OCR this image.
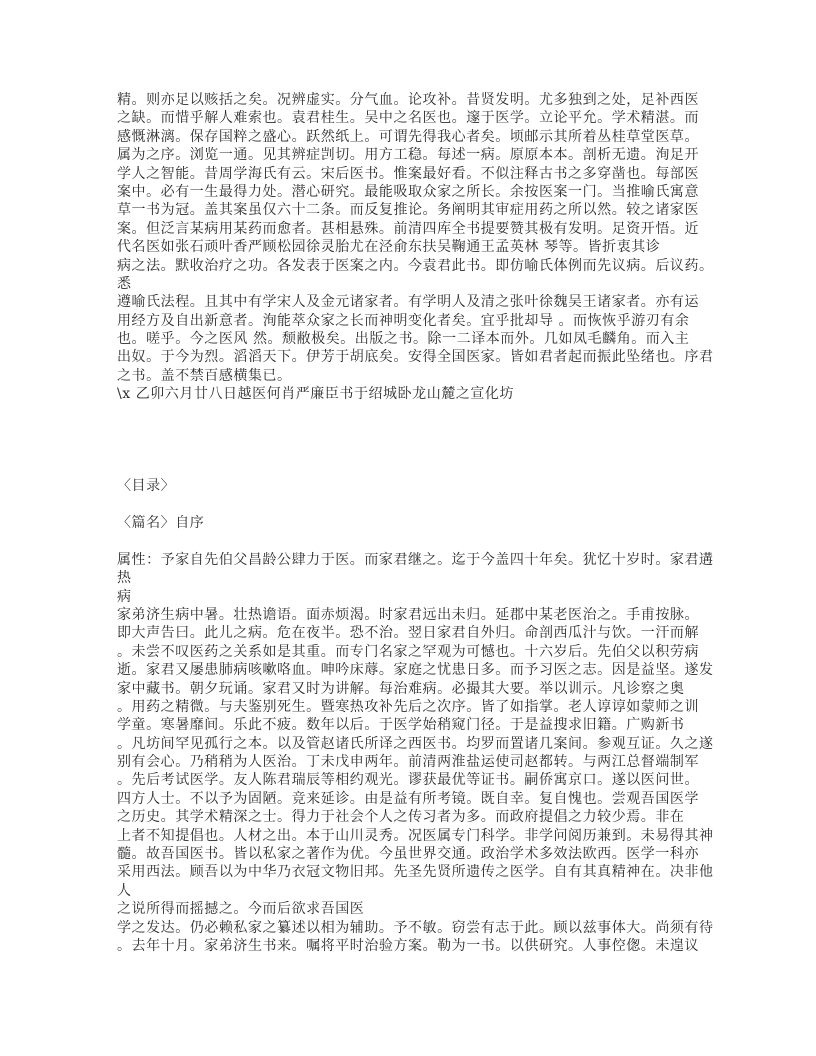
精。则亦足以赅括之矣。况辨虚实。分气血。论攻补。昔贤发明。尤多独到之处，足补西医
之缺。而惜乎解人难索也。袁君桂生。吴中之名医也。邃于医学。立论平允。学术精湛。而
感慨淋漓。保存国粹之盛心。跃然纸上。可谓先得我心者矣。顷邮示其所着丛桂草堂医草。
属为之序。浏览一通。见其辨症剀切。用方工稳。每述一病。原原本本。剖析无遗。洵足开
学人之智能。昔周学海氏有云。宋后医书。惟案最好看。不似注释古书之多穿凿也。每部医
案中。必有一生最得力处。潜心研究。最能吸取众家之所长。余按医案一门。当推喻氏寓意
草一书为冠。盖其案虽仅六十二条。而反复推论。务阐明其审症用药之所以然。较之诸家医
案。但泛言某病用某药而愈者。甚相悬殊。前清四库全书提要赞其极有发明。足资开悟。近
代名医如张石顽叶香严顾松园徐灵胎尤在泾俞东扶吴鞠通王孟英林 琴等。皆折衷其诊
病之法。默收治疗之功。各发表于医案之内。今袁君此书。即仿喻氏体例而先议病。后议药。
悉
遵喻氏法程。且其中有学宋人及金元诸家者。有学明人及清之张叶徐魏吴王诸家者。亦有运
用经方及自出新意者。洵能萃众家之长而神明变化者矣。宜乎批却导 。而恢恢乎游刃有余
也。嗟乎。今之医风 然。颓敝极矣。出版之书。除一二译本而外。几如凤毛麟角。而入主
出奴。于今为烈。滔滔天下。伊芳于胡底矣。安得全国医家。皆如君者起而振此坠绪也。序君
之书。盖不禁百感横集已。
\x 乙卯六月廿八日越医何肖严廉臣书于绍城卧龙山麓之宣化坊
〈目录〉
〈篇名〉自序
属性：予家自先伯父昌龄公肆力于医。而家君继之。迄于今盖四十年矣。犹忆十岁时。家君遘
热
病
家弟济生病中暑。壮热谵语。面赤烦渴。时家君远出未归。延郡中某老医治之。手甫按脉。
即大声告曰。此儿之病。危在夜半。恐不治。翌日家君自外归。命剖西瓜汁与饮。一汗而解
。未尝不叹医药之关系如是其重。而专门名家之罕观为可憾也。十六岁后。先伯父以积劳病
逝。家君又屡患肺病咳嗽咯血。呻吟床蓐。家庭之忧患日多。而予习医之志。因是益坚。遂发
家中藏书。朝夕玩诵。家君又时为讲解。每治难病。必撮其大要。举以训示。凡诊察之奥
。用药之精微。与夫鉴别死生。暨寒热攻补先后之次序。皆了如指掌。老人谆谆如蒙师之训
学童。寒暑靡间。乐此不疲。数年以后。于医学始稍窥门径。于是益搜求旧籍。广购新书
。凡坊间罕见孤行之本。以及管赵诸氏所译之西医书。均罗而置诸几案间。参观互证。久之遂
别有会心。乃稍稍为人医治。丁未戊申两年。前清两淮盐运使司赵都转。与两江总督端制军
。先后考试医学。友人陈君瑞辰等相约观光。谬获最优等证书。嗣侨寓京口。遂以医问世。
四方人士。不以予为固陋。竞来延诊。由是益有所考镜。既自幸。复自愧也。尝观吾国医学
之历史。其学术精深之士。得力于社会个人之传习者为多。而政府提倡之力较少焉。非在
上者不知提倡也。人材之出。本于山川灵秀。况医属专门科学。非学问阅历兼到。未易得其神
髓。故吾国医书。皆以私家之著作为优。今虽世界交通。政治学术多效法欧西。医学一科亦
采用西法。顾吾以为中华乃衣冠文物旧邦。先圣先贤所遗传之医学。自有其真精神在。决非他
人
之说所得而摇撼之。今而后欲求吾国医
学之发达。仍必赖私家之纂述以相为辅助。予不敏。窃尝有志于此。顾以兹事体大。尚须有待
。去年十月。家弟济生书来。嘱将平时治验方案。勒为一书。以供研究。人事倥偬。未遑议
